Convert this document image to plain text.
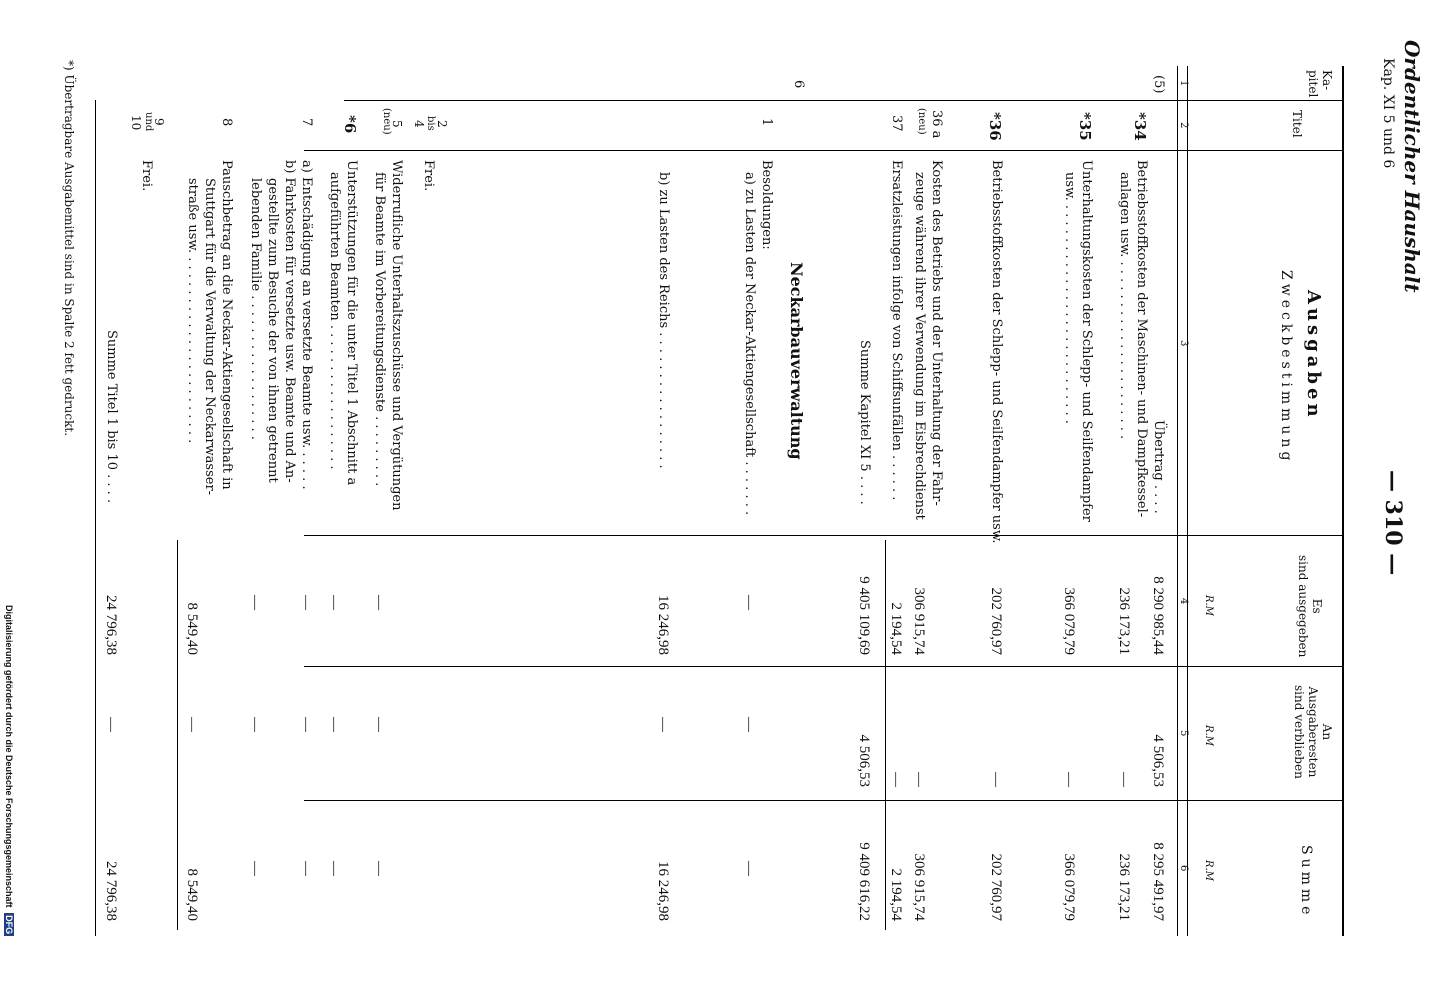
Ordentlicher Haushalt
Kap. XI 5 und 6
— 310 —
Ka-
pitel
Titel
Ausgaben
Zweckbestimmung
Es
sind ausgegeben
An
Ausgaberesten
sind verblieben
Summe
R.M
R.M
R.M
1
2
3
4
5
6
(5)
Übertrag . . . .
8 290 985,44
4 506,53
8 295 491,97
*34
Betriebsstoffkosten der Maschinen- und Dampfkessel-
anlagen usw. . . . . . . . . . . . . . . . . . . . . . .
236 173,21
—
236 173,21
*35
Unterhaltungskosten der Schlepp- und Seilfendampfer
usw. . . . . . . . . . . . . . . . . . . . . . . . . . . .
366 079,79
—
366 079,79
*36
Betriebsstoffkosten der Schlepp- und Seilfendampfer usw.
202 760,97
—
202 760,97
36 a
(neu)
Kosten des Betriebs und der Unterhaltung der Fahr-
zeuge während ihrer Verwendung im Eisbrechdienst
306 915,74
—
306 915,74
37
Ersatzleistungen infolge von Schiffsunfällen . . . . . .
2 194,54
—
2 194,54
Summe Kapitel XI 5 . . . .
9 405 109,69
4 506,53
9 409 616,22
6
Neckarbauverwaltung
1
Besoldungen:
a) zu Lasten der Neckar-Aktiengesellschaft . . . . . . .
—
—
—
b) zu Lasten des Reichs . . . . . . . . . . . . . . . . .
16 246,98
—
16 246,98
2
bis
4
Frei.
5
(neu)
Widerrufliche Unterhaltszuschüsse und Vergütungen
für Beamte im Vorbereitungsdienste . . . . . . . . .
—
—
—
*6
Unterstützungen für die unter Titel 1 Abschnitt a
aufgeführten Beamten . . . . . . . . . . . . . . . . . .
—
—
—
7
a) Entschädigung an versetzte Beamte usw. . . . . .
b) Fahrkosten für versetzte usw. Beamte und An-
gestellte zum Besuche der von ihnen getrennt
lebenden Familie . . . . . . . . . . . . . . . . . .
—
—
—
—
—
—
8
Pauschbetrag an die Neckar-Aktiengesellschaft in
Stuttgart für die Verwaltung der Neckarwasser-
straße usw. . . . . . . . . . . . . . . . . . . . . . . .
8 549,40
—
8 549,40
9
und
10
Frei.
Summe Titel 1 bis 10 . . . .
24 796,38
—
24 796,38
*) Übertragbare Ausgabemittel sind in Spalte 2 fett gedruckt.
Digitalisierung gefördert durch die Deutsche Forschungsgemeinschaft DFG
